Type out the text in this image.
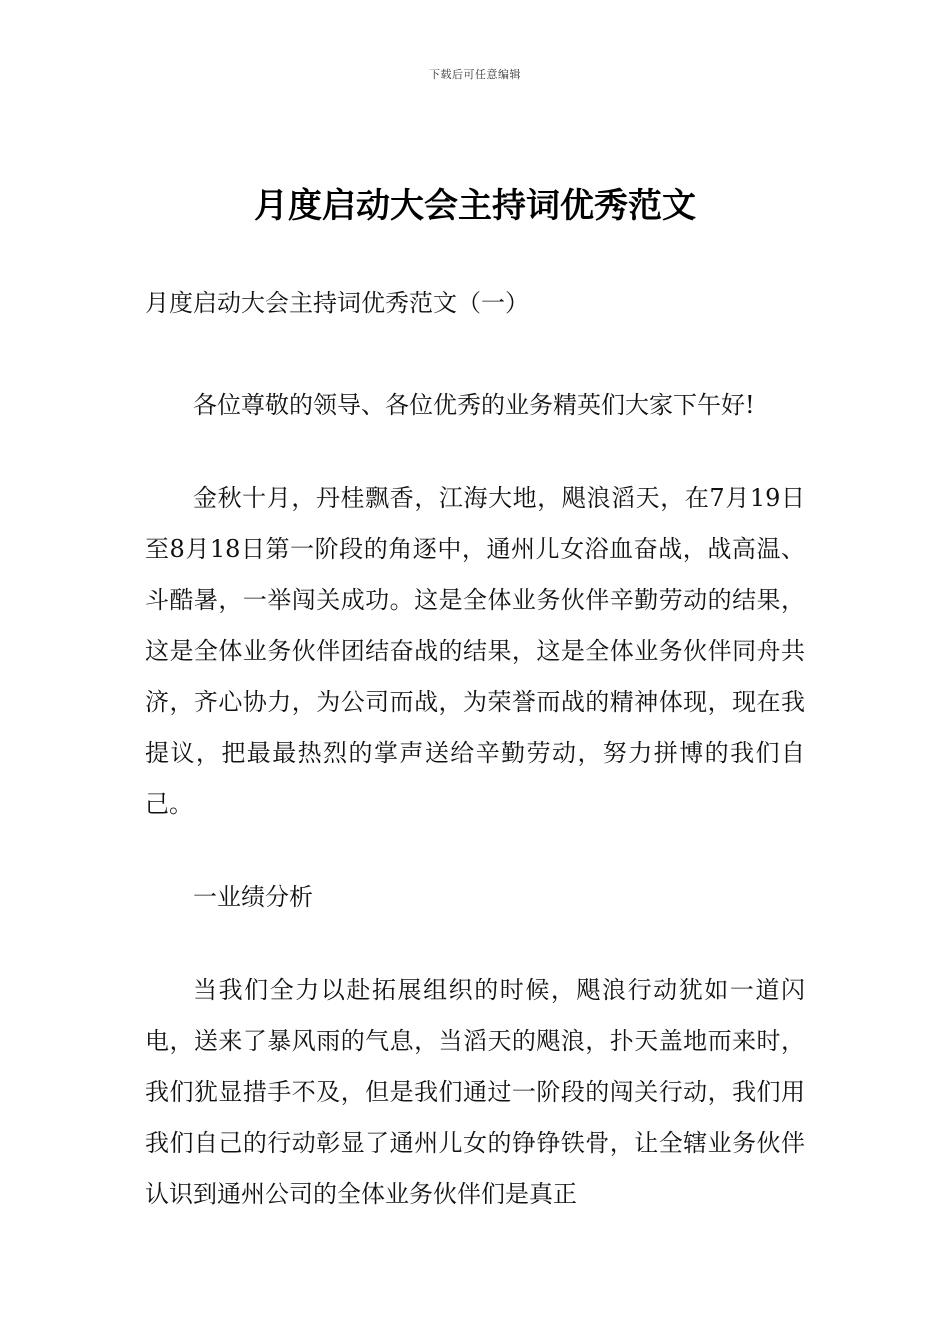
下载后可任意编辑
月度启动大会主持词优秀范文
月度启动大会主持词优秀范文（一）

各位尊敬的领导、各位优秀的业务精英们大家下午好!

金秋十月，丹桂飘香，江海大地，飓浪滔天，在7月19日至8月18日第一阶段的角逐中，通州儿女浴血奋战，战高温、斗酷暑，一举闯关成功。这是全体业务伙伴辛勤劳动的结果，这是全体业务伙伴团结奋战的结果，这是全体业务伙伴同舟共济，齐心协力，为公司而战，为荣誉而战的精神体现，现在我提议，把最最热烈的掌声送给辛勤劳动，努力拼博的我们自己。

一业绩分析

当我们全力以赴拓展组织的时候，飓浪行动犹如一道闪电，送来了暴风雨的气息，当滔天的飓浪，扑天盖地而来时，我们犹显措手不及，但是我们通过一阶段的闯关行动，我们用我们自己的行动彰显了通州儿女的铮铮铁骨，让全辖业务伙伴认识到通州公司的全体业务伙伴们是真正
